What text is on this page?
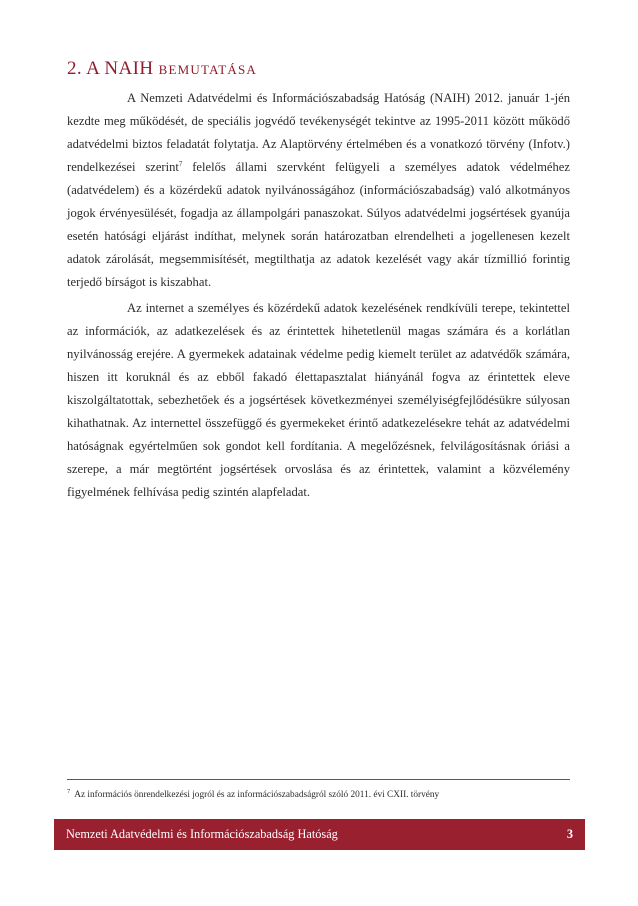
2. A NAIH bemutatása

A Nemzeti Adatvédelmi és Információszabadság Hatóság (NAIH) 2012. január 1-jén kezdte meg működését, de speciális jogvédő tevékenységét tekintve az 1995-2011 között működő adatvédelmi biztos feladatát folytatja. Az Alaptörvény értelmében és a vonatkozó törvény (Infotv.) rendelkezései szerint$^7$ felelős állami szervként felügyeli a személyes adatok védelméhez (adatvédelem) és a közérdekű adatok nyilvánosságához (információszabadság) való alkotmányos jogok érvényesülését, fogadja az állampolgári panaszokat. Súlyos adatvédelmi jogsértések gyanúja esetén hatósági eljárást indíthat, melynek során határozatban elrendelheti a jogellenesen kezelt adatok zárolását, megsemmisítését, megtilthatja az adatok kezelését vagy akár tízmillió forintig terjedő bírságot is kiszabhat.

Az internet a személyes és közérdekű adatok kezelésének rendkívüli terepe, tekintettel az információk, az adatkezelések és az érintettek hihetetlenül magas számára és a korlátlan nyilvánosság erejére. A gyermekek adatainak védelme pedig kiemelt terület az adatvédők számára, hiszen itt koruknál és az ebből fakadó élettapasztalat hiányánál fogva az érintettek eleve kiszolgáltatottak, sebezhetőek és a jogsértések következményei személyiségfejlődésükre súlyosan kihathatnak. Az internettel összefüggő és gyermekeket érintő adatkezelésekre tehát az adatvédelmi hatóságnak egyértelműen sok gondot kell fordítania. A megelőzésnek, felvilágosításnak óriási a szerepe, a már megtörtént jogsértések orvoslása és az érintettek, valamint a közvélemény figyelmének felhívása pedig szintén alapfeladat.

$^7$ Az információs önrendelkezési jogról és az információszabadságról szóló 2011. évi CXII. törvény
Nemzeti Adatvédelmi és Információszabadság Hatóság	3
